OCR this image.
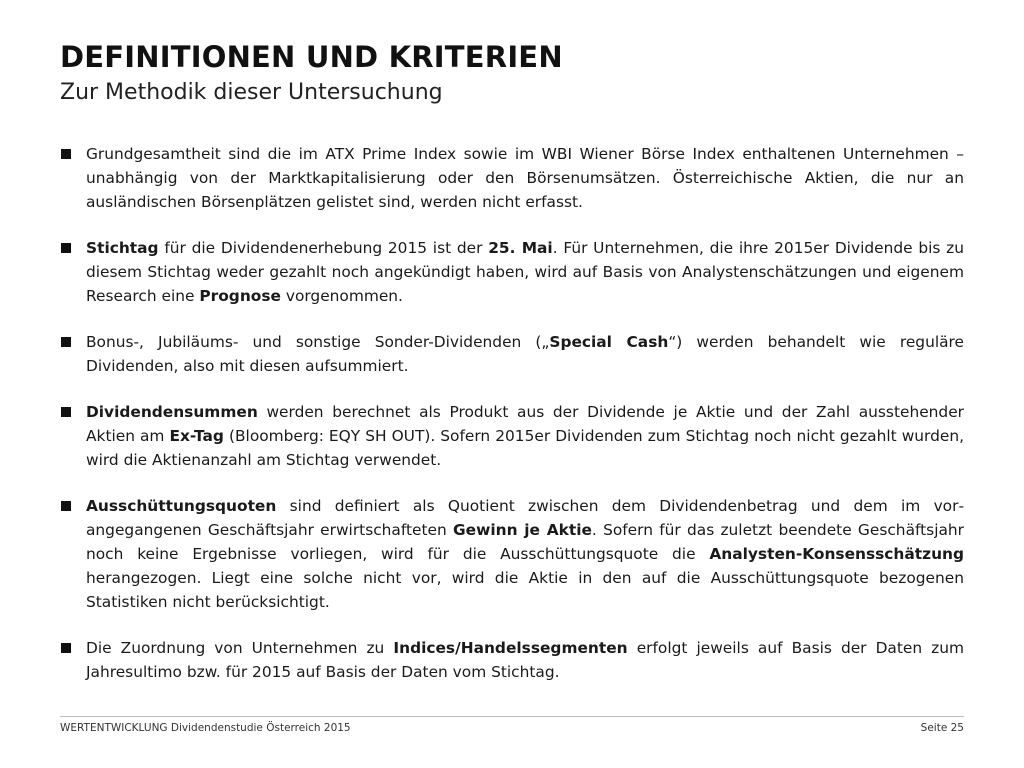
DEFINITIONEN UND KRITERIEN
Zur Methodik dieser Untersuchung
Grundgesamtheit sind die im ATX Prime Index sowie im WBI Wiener Börse Index enthaltenen Unternehmen – unabhängig von der Marktkapitalisierung oder den Börsenumsätzen. Österreichische Aktien, die nur an ausländischen Börsenplätzen gelistet sind, werden nicht erfasst.
Stichtag für die Dividendenerhebung 2015 ist der 25. Mai. Für Unternehmen, die ihre 2015er Dividende bis zu diesem Stichtag weder gezahlt noch angekündigt haben, wird auf Basis von Analystenschätzungen und eigenem Research eine Prognose vorgenommen.
Bonus-, Jubiläums- und sonstige Sonder-Dividenden („Special Cash“) werden behandelt wie reguläre Dividenden, also mit diesen aufsummiert.
Dividendensummen werden berechnet als Produkt aus der Dividende je Aktie und der Zahl ausstehender Aktien am Ex-Tag (Bloomberg: EQY SH OUT). Sofern 2015er Dividenden zum Stichtag noch nicht gezahlt wurden, wird die Aktienanzahl am Stichtag verwendet.
Ausschüttungsquoten sind definiert als Quotient zwischen dem Dividendenbetrag und dem im vorangegangenen Geschäftsjahr erwirtschafteten Gewinn je Aktie. Sofern für das zuletzt beendete Geschäftsjahr noch keine Ergebnisse vorliegen, wird für die Ausschüttungsquote die Analysten-Konsensschätzung herangezogen. Liegt eine solche nicht vor, wird die Aktie in den auf die Ausschüttungsquote bezogenen Statistiken nicht berücksichtigt.
Die Zuordnung von Unternehmen zu Indices/Handelssegmenten erfolgt jeweils auf Basis der Daten zum Jahresultimo bzw. für 2015 auf Basis der Daten vom Stichtag.
WERTENTWICKLUNG Dividendenstudie Österreich 2015	Seite 25
